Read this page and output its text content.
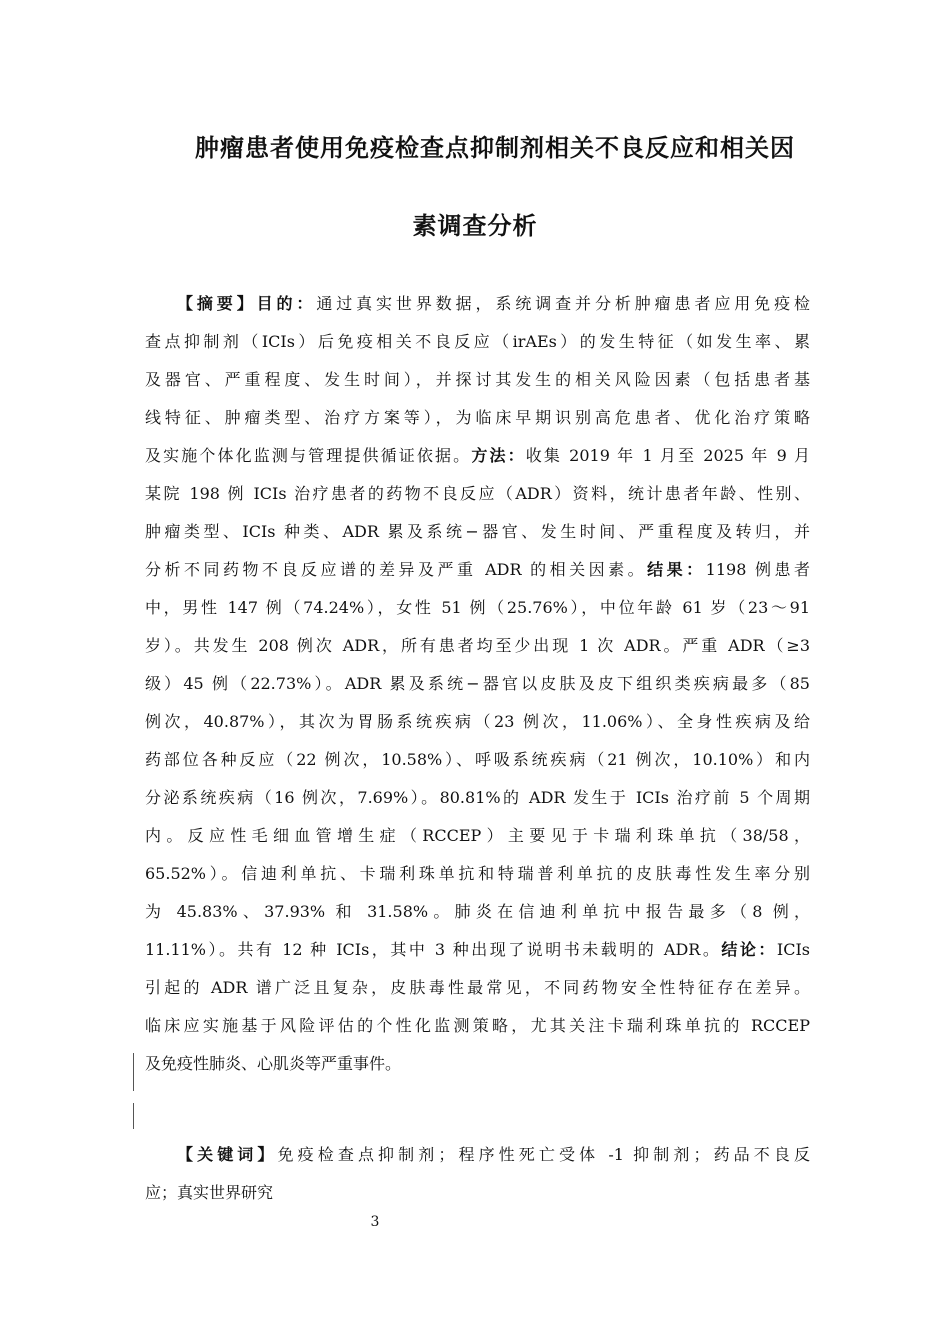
肿瘤患者使用免疫检查点抑制剂相关不良反应和相关因
素调查分析
【摘要】目的：通过真实世界数据，系统调查并分析肿瘤患者应用免疫检
查点抑制剂（ICIs）后免疫相关不良反应（irAEs）的发生特征（如发生率、累
及器官、严重程度、发生时间），并探讨其发生的相关风险因素（包括患者基
线特征、肿瘤类型、治疗方案等），为临床早期识别高危患者、优化治疗策略
及实施个体化监测与管理提供循证依据。方法：收集 2019 年 1 月至 2025 年 9 月
某院 198 例 ICIs 治疗患者的药物不良反应（ADR）资料，统计患者年龄、性别、
肿瘤类型、ICIs 种类、ADR 累及系统−器官、发生时间、严重程度及转归，并
分析不同药物不良反应谱的差异及严重 ADR 的相关因素。结果：1198 例患者
中，男性 147 例（74.24%），女性 51 例（25.76%），中位年龄 61 岁（23～91
岁）。共发生 208 例次 ADR，所有患者均至少出现 1 次 ADR。严重 ADR（≥3
级）45 例（22.73%）。ADR 累及系统−器官以皮肤及皮下组织类疾病最多（85
例次，40.87%），其次为胃肠系统疾病（23 例次，11.06%）、全身性疾病及给
药部位各种反应（22 例次，10.58%）、呼吸系统疾病（21 例次，10.10%）和内
分泌系统疾病（16 例次，7.69%）。80.81%的 ADR 发生于 ICIs 治疗前 5 个周期
内。反应性毛细血管增生症（RCCEP）主要见于卡瑞利珠单抗（38/58，
65.52%）。信迪利单抗、卡瑞利珠单抗和特瑞普利单抗的皮肤毒性发生率分别
为 45.83%、37.93% 和 31.58%。肺炎在信迪利单抗中报告最多（8 例，
11.11%）。共有 12 种 ICIs，其中 3 种出现了说明书未载明的 ADR。结论：ICIs
引起的 ADR 谱广泛且复杂，皮肤毒性最常见，不同药物安全性特征存在差异。
临床应实施基于风险评估的个性化监测策略，尤其关注卡瑞利珠单抗的 RCCEP
及免疫性肺炎、心肌炎等严重事件。
【关键词】免疫检查点抑制剂；程序性死亡受体 -1 抑制剂；药品不良反
应；真实世界研究
3
